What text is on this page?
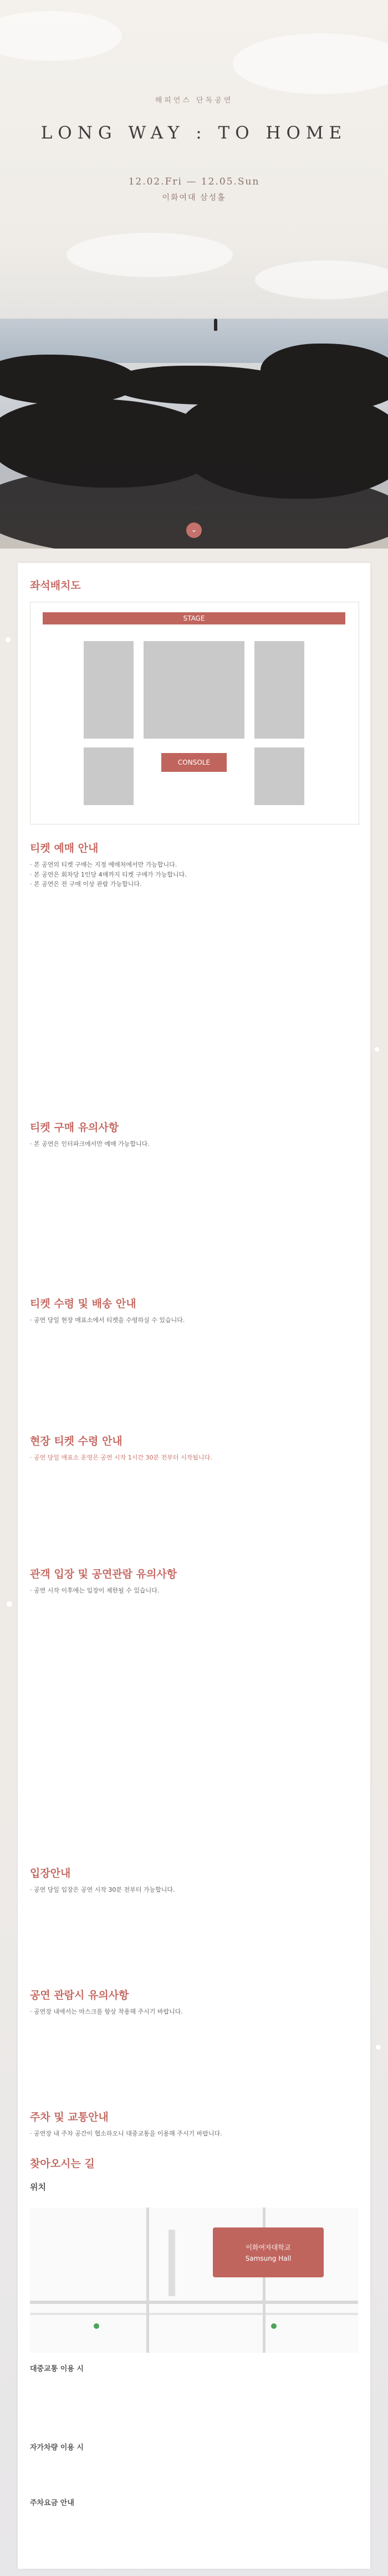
해피언스 단독공연
LONG WAY : TO HOME
12.02.Fri — 12.05.Sun
이화여대 삼성홀
⌄
좌석배치도
STAGE
CONSOLE
티켓 예매 안내

· 본 공연의 티켓 구매는 지정 예매처에서만 가능합니다.

· 본 공연은 회차당 1인당 4매까지 티켓 구매가 가능합니다.

· 본 공연은 전 구매 이상 관람 가능합니다.

티켓 구매 유의사항

· 본 공연은 인터파크에서만 예매 가능합니다.

티켓 수령 및 배송 안내

· 공연 당일 현장 매표소에서 티켓을 수령하실 수 있습니다.

현장 티켓 수령 안내

· 공연 당일 매표소 운영은 공연 시작 1시간 30분 전부터 시작됩니다.

관객 입장 및 공연관람 유의사항

· 공연 시작 이후에는 입장이 제한될 수 있습니다.

입장안내

· 공연 당일 입장은 공연 시작 30분 전부터 가능합니다.

공연 관람시 유의사항

· 공연장 내에서는 마스크를 항상 착용해 주시기 바랍니다.

주차 및 교통안내

· 공연장 내 주차 공간이 협소하오니 대중교통을 이용해 주시기 바랍니다.

찾아오시는 길
위치
이화여자대학교
Samsung Hall
대중교통 이용 시
자가차량 이용 시
주차요금 안내
